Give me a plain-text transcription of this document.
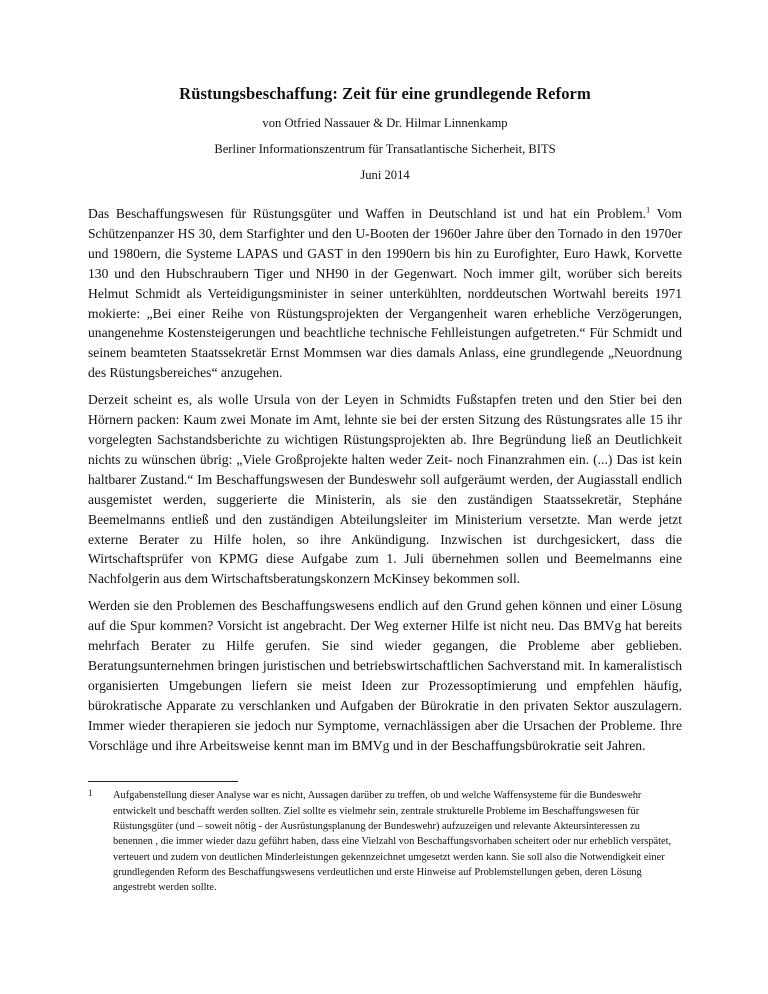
Rüstungsbeschaffung: Zeit für eine grundlegende Reform

von Otfried Nassauer & Dr. Hilmar Linnenkamp

Berliner Informationszentrum für Transatlantische Sicherheit, BITS

Juni 2014

Das Beschaffungswesen für Rüstungsgüter und Waffen in Deutschland ist und hat ein Problem.$^1$ Vom Schützenpanzer HS 30, dem Starfighter und den U-Booten der 1960er Jahre über den Tornado in den 1970er und 1980ern, die Systeme LAPAS und GAST in den 1990ern bis hin zu Eurofighter, Euro Hawk, Korvette 130 und den Hubschraubern Tiger und NH90 in der Gegenwart. Noch immer gilt, worüber sich bereits Helmut Schmidt als Verteidigungsminister in seiner unterkühlten, norddeutschen Wortwahl bereits 1971 mokierte: „Bei einer Reihe von Rüstungsprojekten der Vergangenheit waren erhebliche Verzögerungen, unangenehme Kostensteigerungen und beachtliche technische Fehlleistungen aufgetreten.“ Für Schmidt und seinem beamteten Staatssekretär Ernst Mommsen war dies damals Anlass, eine grundlegende „Neuordnung des Rüstungsbereiches“ anzugehen.

Derzeit scheint es, als wolle Ursula von der Leyen in Schmidts Fußstapfen treten und den Stier bei den Hörnern packen: Kaum zwei Monate im Amt, lehnte sie bei der ersten Sitzung des Rüstungsrates alle 15 ihr vorgelegten Sachstandsberichte zu wichtigen Rüstungsprojekten ab. Ihre Begründung ließ an Deutlichkeit nichts zu wünschen übrig: „Viele Großprojekte halten weder Zeit- noch Finanzrahmen ein. (...) Das ist kein haltbarer Zustand.“ Im Beschaffungswesen der Bundeswehr soll aufgeräumt werden, der Augiasstall endlich ausgemistet werden, suggerierte die Ministerin, als sie den zuständigen Staatssekretär, Stepháne Beemelmanns entließ und den zuständigen Abteilungsleiter im Ministerium versetzte. Man werde jetzt externe Berater zu Hilfe holen, so ihre Ankündigung. Inzwischen ist durchgesickert, dass die Wirtschaftsprüfer von KPMG diese Aufgabe zum 1. Juli übernehmen sollen und Beemelmanns eine Nachfolgerin aus dem Wirtschaftsberatungskonzern McKinsey bekommen soll.

Werden sie den Problemen des Beschaffungswesens endlich auf den Grund gehen können und einer Lösung auf die Spur kommen? Vorsicht ist angebracht. Der Weg externer Hilfe ist nicht neu. Das BMVg hat bereits mehrfach Berater zu Hilfe gerufen. Sie sind wieder gegangen, die Probleme aber geblieben. Beratungsunternehmen bringen juristischen und betriebswirtschaftlichen Sachverstand mit. In kameralistisch organisierten Umgebungen liefern sie meist Ideen zur Prozessoptimierung und empfehlen häufig, bürokratische Apparate zu verschlanken und Aufgaben der Bürokratie in den privaten Sektor auszulagern. Immer wieder therapieren sie jedoch nur Symptome, vernachlässigen aber die Ursachen der Probleme. Ihre Vorschläge und ihre Arbeitsweise kennt man im BMVg und in der Beschaffungsbürokratie seit Jahren.

1 Aufgabenstellung dieser Analyse war es nicht, Aussagen darüber zu treffen, ob und welche Waffensysteme für die Bundeswehr entwickelt und beschafft werden sollten. Ziel sollte es vielmehr sein, zentrale strukturelle Probleme im Beschaffungswesen für Rüstungsgüter (und – soweit nötig - der Ausrüstungsplanung der Bundeswehr) aufzuzeigen und relevante Akteursinteressen zu benennen , die immer wieder dazu geführt haben, dass eine Vielzahl von Beschaffungsvorhaben scheitert oder nur erheblich verspätet, verteuert und zudem von deutlichen Minderleistungen gekennzeichnet umgesetzt werden kann. Sie soll also die Notwendigkeit einer grundlegenden Reform des Beschaffungswesens verdeutlichen und erste Hinweise auf Problemstellungen geben, deren Lösung angestrebt werden sollte.
